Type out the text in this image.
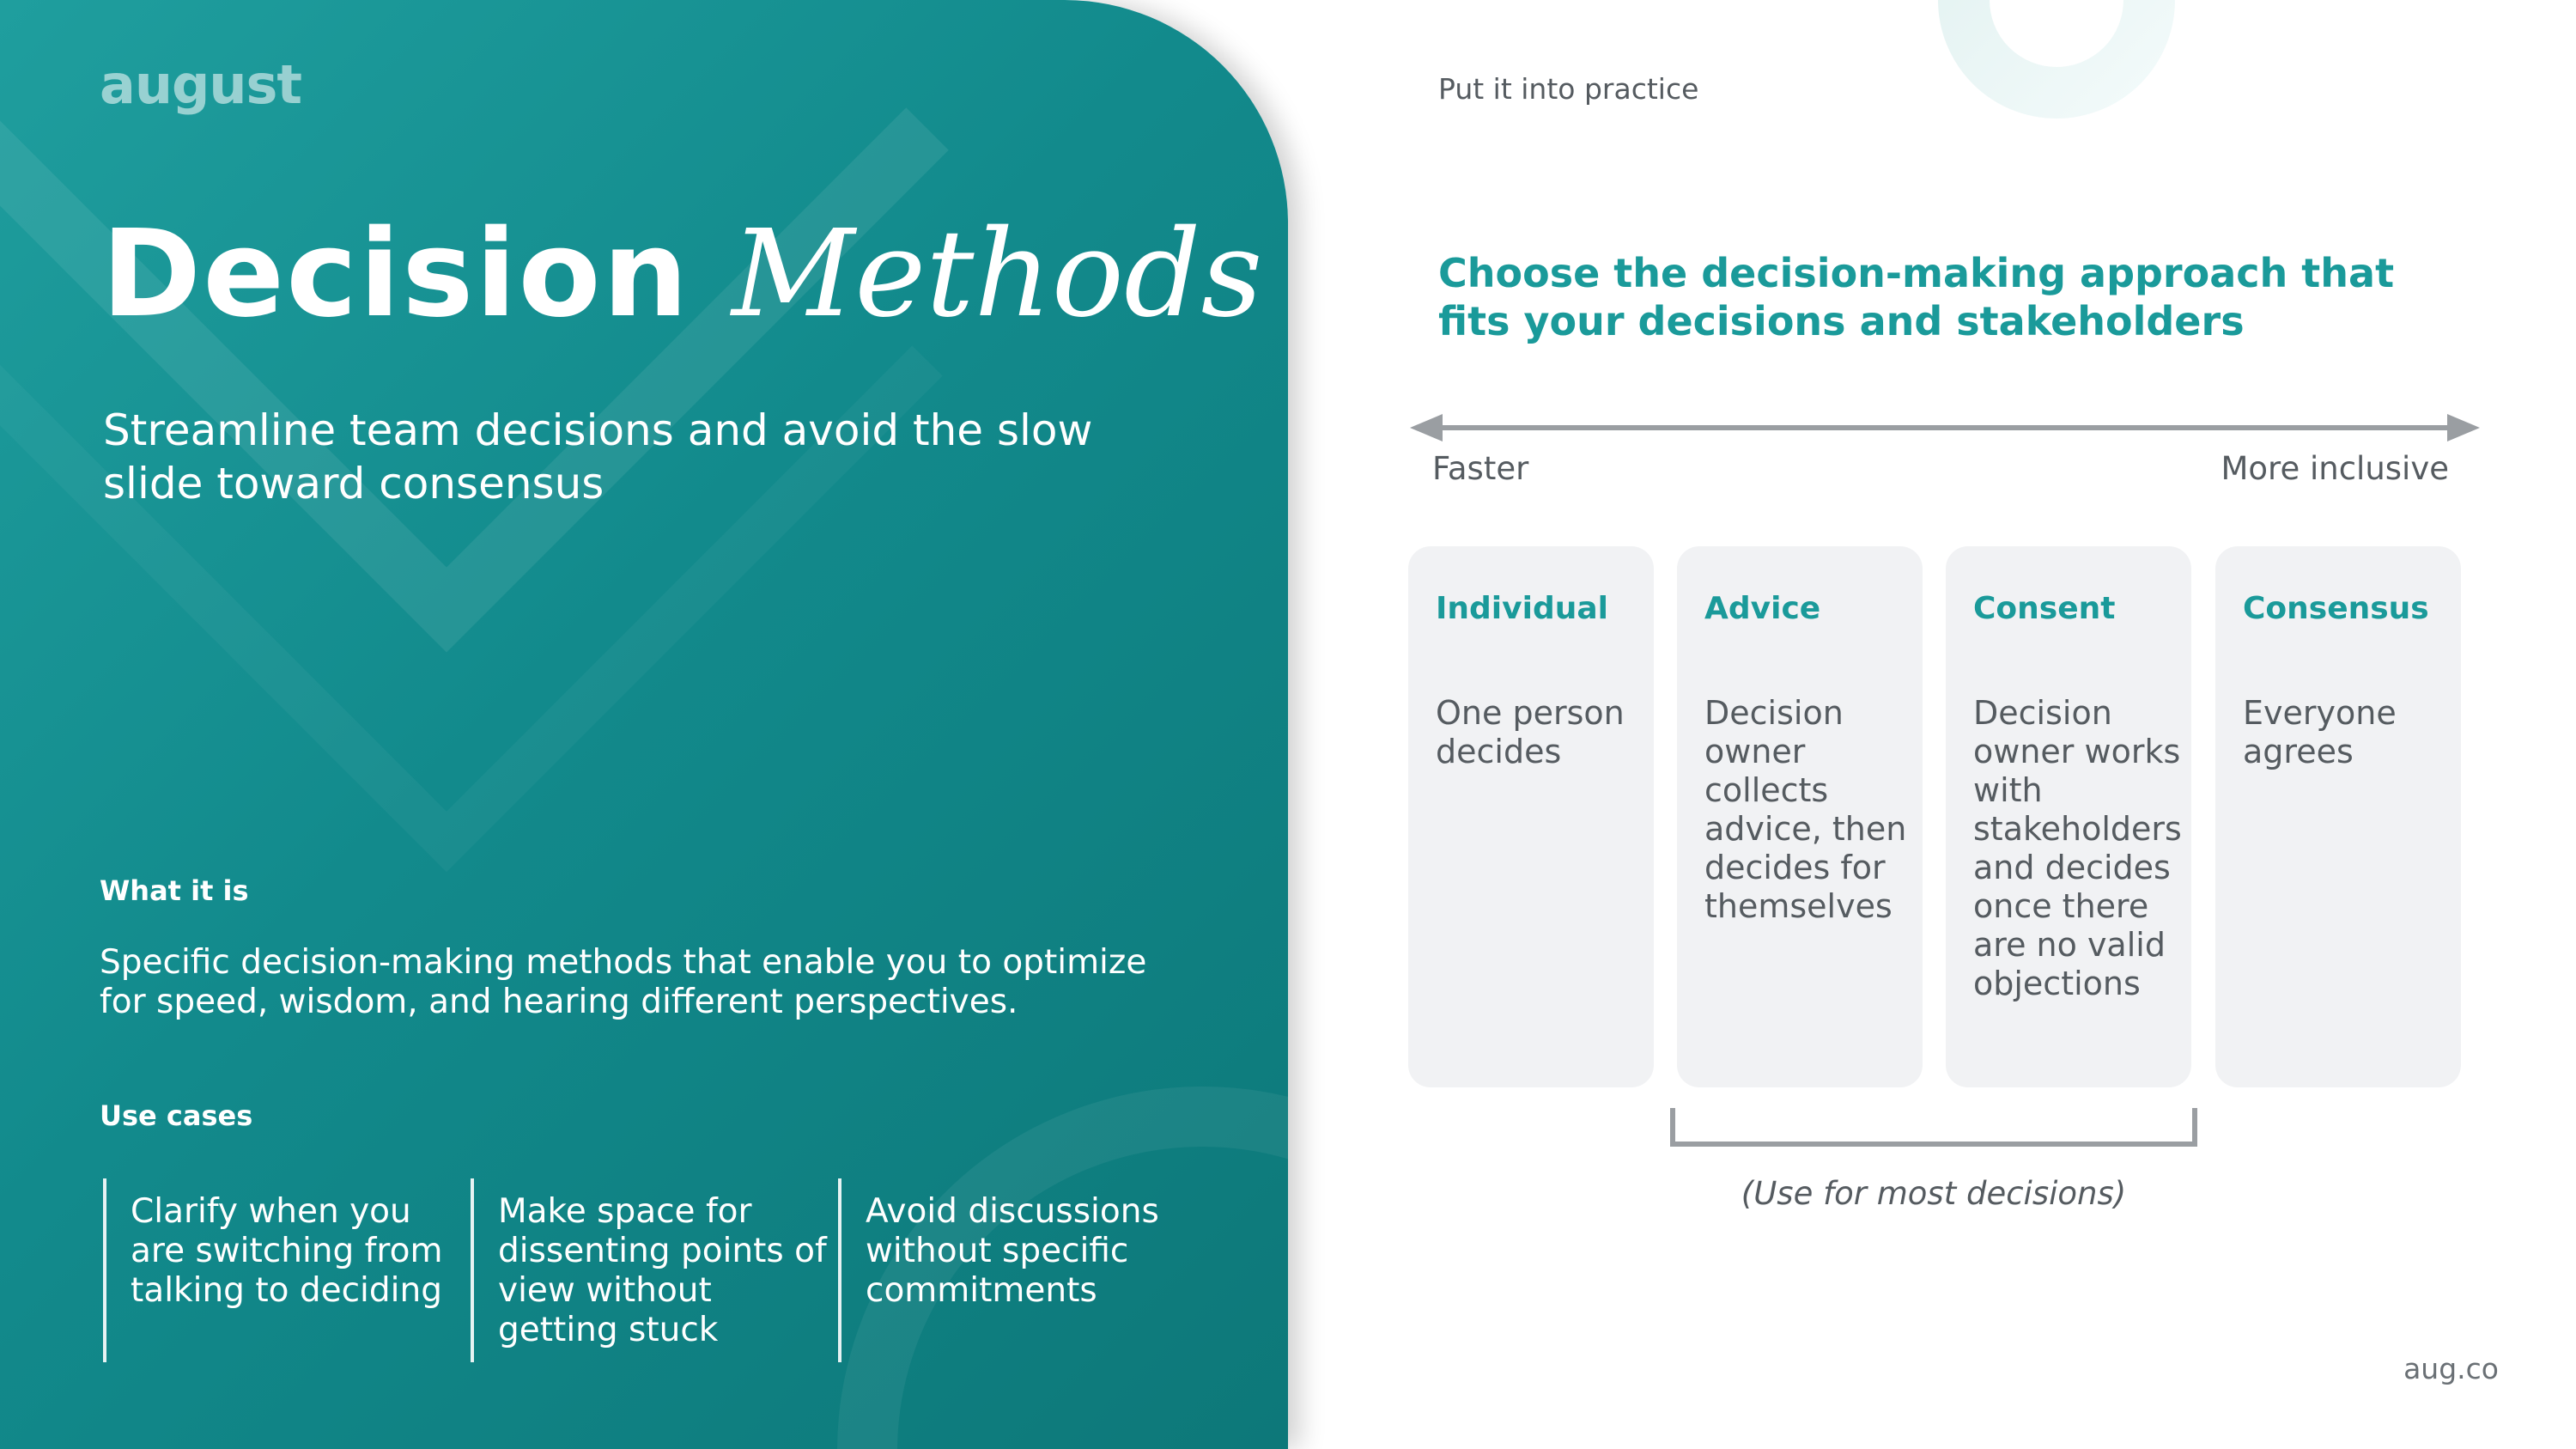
august
Decision Methods

Streamline team decisions and avoid the slow slide toward consensus

What it is

Specific decision-making methods that enable you to optimize for speed, wisdom, and hearing different perspectives.

Use cases
Clarify when you are switching from talking to deciding
Make space for dissenting points of view without getting stuck
Avoid discussions without specific commitments
Put it into practice
Choose the decision-making approach that fits your decisions and stakeholders
Faster	More inclusive
Individual
One person decides
Advice
Decision owner collects advice, then decides for themselves
Consent
Decision owner works with stakeholders and decides once there are no valid objections
Consensus
Everyone agrees
(Use for most decisions)
aug.co
